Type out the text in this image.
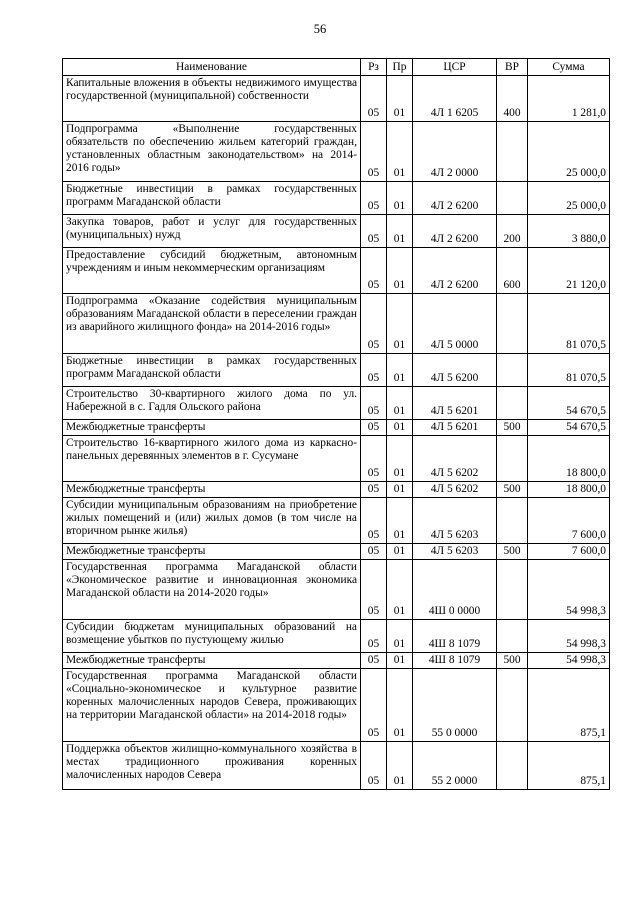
56
Наименование	Рз	Пр	ЦСР	ВР	Сумма
Капитальные вложения в объекты недвижимого имущества государственной (муниципальной) собственности	05	01	4Л 1 6205	400	1 281,0
Подпрограмма «Выполнение государственных обязательств по обеспечению жильем категорий граждан, установленных областным законодательством» на 2014-2016 годы»	05	01	4Л 2 0000		25 000,0
Бюджетные инвестиции в рамках государственных программ Магаданской области	05	01	4Л 2 6200		25 000,0
Закупка товаров, работ и услуг для государственных (муниципальных) нужд	05	01	4Л 2 6200	200	3 880,0
Предоставление субсидий бюджетным, автономным учреждениям и иным некоммерческим организациям	05	01	4Л 2 6200	600	21 120,0
Подпрограмма «Оказание содействия муниципальным образованиям Магаданской области в переселении граждан из аварийного жилищного фонда» на 2014-2016 годы»	05	01	4Л 5 0000		81 070,5
Бюджетные инвестиции в рамках государственных программ Магаданской области	05	01	4Л 5 6200		81 070,5
Строительство 30-квартирного жилого дома по ул. Набережной в с. Гадля Ольского района	05	01	4Л 5 6201		54 670,5
Межбюджетные трансферты	05	01	4Л 5 6201	500	54 670,5
Строительство 16-квартирного жилого дома из каркасно-панельных деревянных элементов в г. Сусумане	05	01	4Л 5 6202		18 800,0
Межбюджетные трансферты	05	01	4Л 5 6202	500	18 800,0
Субсидии муниципальным образованиям на приобретение жилых помещений и (или) жилых домов (в том числе на вторичном рынке жилья)	05	01	4Л 5 6203		7 600,0
Межбюджетные трансферты	05	01	4Л 5 6203	500	7 600,0
Государственная программа Магаданской области «Экономическое развитие и инновационная экономика Магаданской области на 2014-2020 годы»	05	01	4Ш 0 0000		54 998,3
Субсидии бюджетам муниципальных образований на возмещение убытков по пустующему жилью	05	01	4Ш 8 1079		54 998,3
Межбюджетные трансферты	05	01	4Ш 8 1079	500	54 998,3
Государственная программа Магаданской области «Социально-экономическое и культурное развитие коренных малочисленных народов Севера, проживающих на территории Магаданской области» на 2014-2018 годы»	05	01	55 0 0000		875,1
Поддержка объектов жилищно-коммунального хозяйства в местах традиционного проживания коренных малочисленных народов Севера	05	01	55 2 0000		875,1
